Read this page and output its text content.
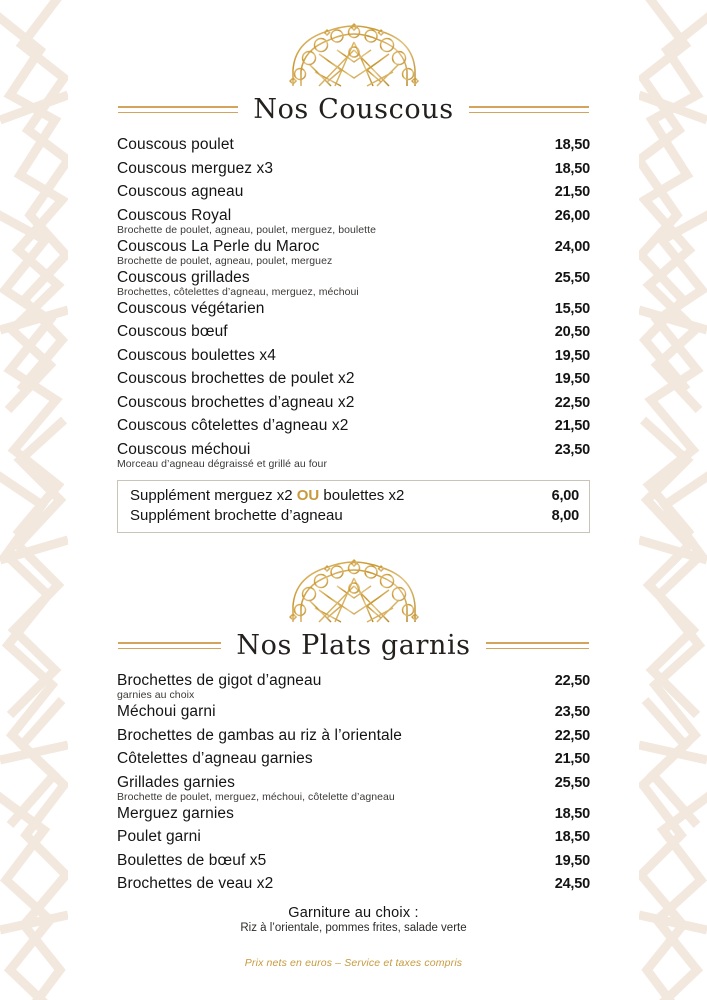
Nos Couscous
Couscous poulet	18,50
Couscous merguez x3	18,50
Couscous agneau	21,50
Couscous Royal	26,00
Brochette de poulet, agneau, poulet, merguez, boulette
Couscous La Perle du Maroc	24,00
Brochette de poulet, agneau, poulet, merguez
Couscous grillades	25,50
Brochettes, côtelettes d’agneau, merguez, méchoui
Couscous végétarien	15,50
Couscous bœuf	20,50
Couscous boulettes x4	19,50
Couscous brochettes de poulet x2	19,50
Couscous brochettes d’agneau x2	22,50
Couscous côtelettes d’agneau x2	21,50
Couscous méchoui	23,50
Morceau d’agneau dégraissé et grillé au four
Supplément merguez x2 OU boulettes x2	6,00
Supplément brochette d’agneau	8,00
Nos Plats garnis
Brochettes de gigot d’agneau	22,50
garnies au choix
Méchoui garni	23,50
Brochettes de gambas au riz à l’orientale	22,50
Côtelettes d’agneau garnies	21,50
Grillades garnies	25,50
Brochette de poulet, merguez, méchoui, côtelette d’agneau
Merguez garnies	18,50
Poulet garni	18,50
Boulettes de bœuf x5	19,50
Brochettes de veau x2	24,50
Garniture au choix :
Riz à l’orientale, pommes frites, salade verte
Prix nets en euros – Service et taxes compris
